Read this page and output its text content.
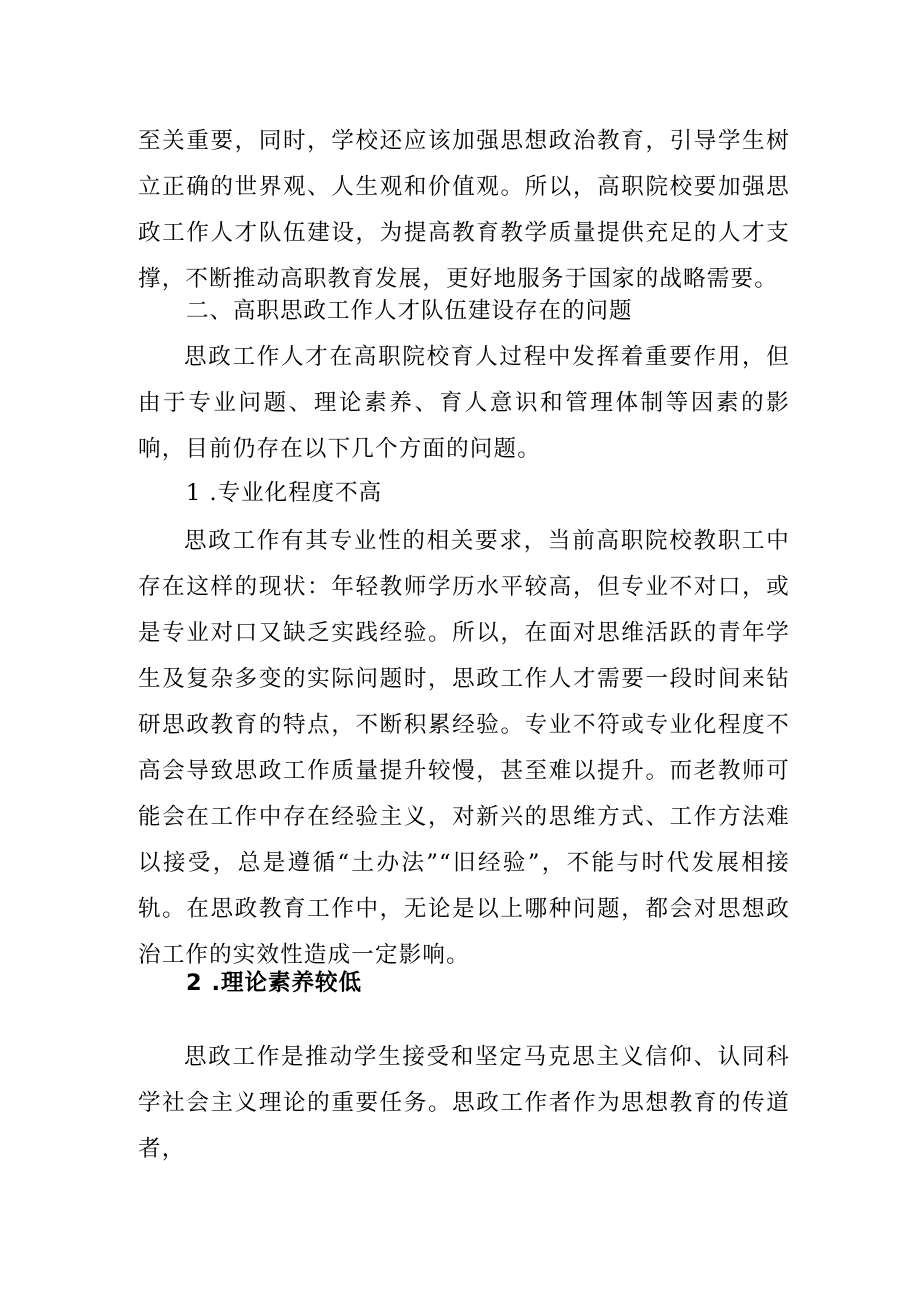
至关重要，同时，学校还应该加强思想政治教育，引导学生树立正确的世界观、人生观和价值观。所以，高职院校要加强思政工作人才队伍建设，为提高教育教学质量提供充足的人才支撑，不断推动高职教育发展，更好地服务于国家的战略需要。

二、高职思政工作人才队伍建设存在的问题

思政工作人才在高职院校育人过程中发挥着重要作用，但由于专业问题、理论素养、育人意识和管理体制等因素的影响，目前仍存在以下几个方面的问题。

1 .专业化程度不高

思政工作有其专业性的相关要求，当前高职院校教职工中存在这样的现状：年轻教师学历水平较高，但专业不对口，或是专业对口又缺乏实践经验。所以，在面对思维活跃的青年学生及复杂多变的实际问题时，思政工作人才需要一段时间来钻研思政教育的特点，不断积累经验。专业不符或专业化程度不高会导致思政工作质量提升较慢，甚至难以提升。而老教师可能会在工作中存在经验主义，对新兴的思维方式、工作方法难以接受，总是遵循“土办法”“旧经验”，不能与时代发展相接轨。在思政教育工作中，无论是以上哪种问题，都会对思想政治工作的实效性造成一定影响。

2 .理论素养较低

思政工作是推动学生接受和坚定马克思主义信仰、认同科学社会主义理论的重要任务。思政工作者作为思想教育的传道者，
